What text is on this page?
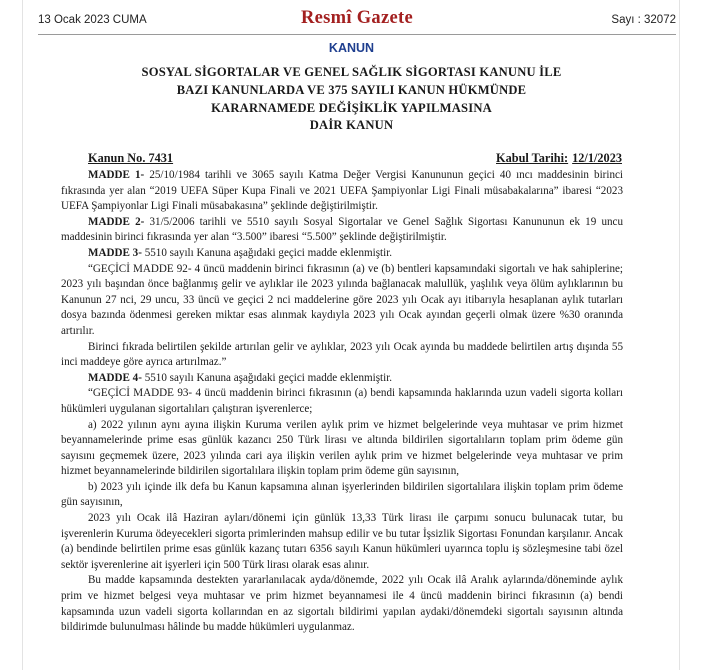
13 Ocak 2023 CUMA	Resmî Gazete	Sayı : 32072
KANUN
SOSYAL SİGORTALAR VE GENEL SAĞLIK SİGORTASI KANUNU İLE
BAZI KANUNLARDA VE 375 SAYILI KANUN HÜKMÜNDE
KARARNAMEDE DEĞİŞİKLİK YAPILMASINA
DAİR KANUN
Kanun No. 7431	Kabul Tarihi: 12/1/2023

MADDE 1- 25/10/1984 tarihli ve 3065 sayılı Katma Değer Vergisi Kanununun geçici 40 ıncı maddesinin birinci fıkrasında yer alan “2019 UEFA Süper Kupa Finali ve 2021 UEFA Şampiyonlar Ligi Finali müsabakalarına” ibaresi “2023 UEFA Şampiyonlar Ligi Finali müsabakasına” şeklinde değiştirilmiştir.

MADDE 2- 31/5/2006 tarihli ve 5510 sayılı Sosyal Sigortalar ve Genel Sağlık Sigortası Kanununun ek 19 uncu maddesinin birinci fıkrasında yer alan “3.500” ibaresi “5.500” şeklinde değiştirilmiştir.

MADDE 3- 5510 sayılı Kanuna aşağıdaki geçici madde eklenmiştir.

“GEÇİCİ MADDE 92- 4 üncü maddenin birinci fıkrasının (a) ve (b) bentleri kapsamındaki sigortalı ve hak sahiplerine; 2023 yılı başından önce bağlanmış gelir ve aylıklar ile 2023 yılında bağlanacak malullük, yaşlılık veya ölüm aylıklarının bu Kanunun 27 nci, 29 uncu, 33 üncü ve geçici 2 nci maddelerine göre 2023 yılı Ocak ayı itibarıyla hesaplanan aylık tutarları dosya bazında ödenmesi gereken miktar esas alınmak kaydıyla 2023 yılı Ocak ayından geçerli olmak üzere %30 oranında artırılır.

Birinci fıkrada belirtilen şekilde artırılan gelir ve aylıklar, 2023 yılı Ocak ayında bu maddede belirtilen artış dışında 55 inci maddeye göre ayrıca artırılmaz.”

MADDE 4- 5510 sayılı Kanuna aşağıdaki geçici madde eklenmiştir.

“GEÇİCİ MADDE 93- 4 üncü maddenin birinci fıkrasının (a) bendi kapsamında haklarında uzun vadeli sigorta kolları hükümleri uygulanan sigortalıları çalıştıran işverenlerce;

a) 2022 yılının aynı ayına ilişkin Kuruma verilen aylık prim ve hizmet belgelerinde veya muhtasar ve prim hizmet beyannamelerinde prime esas günlük kazancı 250 Türk lirası ve altında bildirilen sigortalıların toplam prim ödeme gün sayısını geçmemek üzere, 2023 yılında cari aya ilişkin verilen aylık prim ve hizmet belgelerinde veya muhtasar ve prim hizmet beyannamelerinde bildirilen sigortalılara ilişkin toplam prim ödeme gün sayısının,

b) 2023 yılı içinde ilk defa bu Kanun kapsamına alınan işyerlerinden bildirilen sigortalılara ilişkin toplam prim ödeme gün sayısının,

2023 yılı Ocak ilâ Haziran ayları/dönemi için günlük 13,33 Türk lirası ile çarpımı sonucu bulunacak tutar, bu işverenlerin Kuruma ödeyecekleri sigorta primlerinden mahsup edilir ve bu tutar İşsizlik Sigortası Fonundan karşılanır. Ancak (a) bendinde belirtilen prime esas günlük kazanç tutarı 6356 sayılı Kanun hükümleri uyarınca toplu iş sözleşmesine tabi özel sektör işverenlerine ait işyerleri için 500 Türk lirası olarak esas alınır.

Bu madde kapsamında destekten yararlanılacak ayda/dönemde, 2022 yılı Ocak ilâ Aralık aylarında/döneminde aylık prim ve hizmet belgesi veya muhtasar ve prim hizmet beyannamesi ile 4 üncü maddenin birinci fıkrasının (a) bendi kapsamında uzun vadeli sigorta kollarından en az sigortalı bildirimi yapılan aydaki/dönemdeki sigortalı sayısının altında bildirimde bulunulması hâlinde bu madde hükümleri uygulanmaz.
